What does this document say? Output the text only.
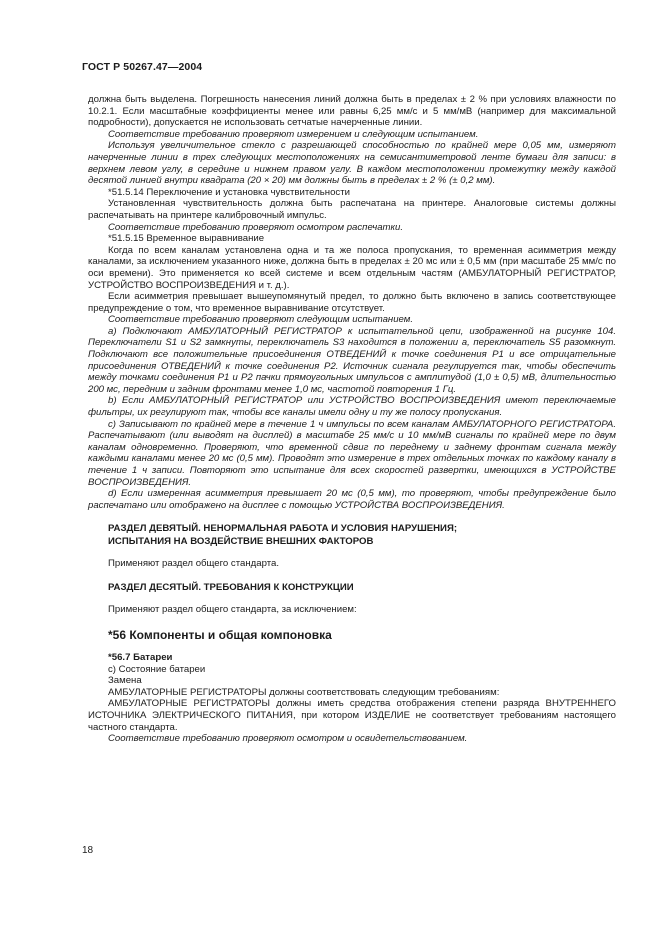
ГОСТ Р 50267.47—2004

должна быть выделена. Погрешность нанесения линий должна быть в пределах ± 2 % при условиях влажности по 10.2.1. Если масштабные коэффициенты менее или равны 6,25 мм/с и 5 мм/мВ (например для максимальной подробности), допускается не использовать сетчатые начерченные линии.

Соответствие требованию проверяют измерением и следующим испытанием.

Используя увеличительное стекло с разрешающей способностью по крайней мере 0,05 мм, измеряют начерченные линии в трех следующих местоположениях на семисантиметровой ленте бумаги для записи: в верхнем левом углу, в середине и нижнем правом углу. В каждом местоположении промежутку между каждой десятой линией внутри квадрата (20 × 20) мм должны быть в пределах ± 2 % (± 0,2 мм).

*51.5.14 Переключение и установка чувствительности

Установленная чувствительность должна быть распечатана на принтере. Аналоговые системы должны распечатывать на принтере калибровочный импульс.

Соответствие требованию проверяют осмотром распечатки.

*51.5.15 Временное выравнивание

Когда по всем каналам установлена одна и та же полоса пропускания, то временная асимметрия между каналами, за исключением указанного ниже, должна быть в пределах ± 20 мс или ± 0,5 мм (при масштабе 25 мм/с по оси времени). Это применяется ко всей системе и всем отдельным частям (АМБУЛАТОРНЫЙ РЕГИСТРАТОР, УСТРОЙСТВО ВОСПРОИЗВЕДЕНИЯ и т. д.).

Если асимметрия превышает вышеупомянутый предел, то должно быть включено в запись соответствующее предупреждение о том, что временное выравнивание отсутствует.

Соответствие требованию проверяют следующим испытанием.

а) Подключают АМБУЛАТОРНЫЙ РЕГИСТРАТОР к испытательной цепи, изображенной на рисунке 104. Переключатели S1 и S2 замкнуты, переключатель S3 находится в положении а, переключатель S5 разомкнут. Подключают все положительные присоединения ОТВЕДЕНИЙ к точке соединения Р1 и все отрицательные присоединения ОТВЕДЕНИЙ к точке соединения Р2. Источник сигнала регулируется так, чтобы обеспечить между точками соединения Р1 и Р2 пачки прямоугольных импульсов с амплитудой (1,0 ± 0,5) мВ, длительностью 200 мс, передним и задним фронтами менее 1,0 мс, частотой повторения 1 Гц.

b) Если АМБУЛАТОРНЫЙ РЕГИСТРАТОР или УСТРОЙСТВО ВОСПРОИЗВЕДЕНИЯ имеют переключаемые фильтры, их регулируют так, чтобы все каналы имели одну и ту же полосу пропускания.

с) Записывают по крайней мере в течение 1 ч импульсы по всем каналам АМБУЛАТОРНОГО РЕГИСТРАТОРА. Распечатывают (или выводят на дисплей) в масштабе 25 мм/с и 10 мм/мВ сигналы по крайней мере по двум каналам одновременно. Проверяют, что временной сдвиг по переднему и заднему фронтам сигнала между каждыми каналами менее 20 мс (0,5 мм). Проводят это измерение в трех отдельных точках по каждому каналу в течение 1 ч записи. Повторяют это испытание для всех скоростей развертки, имеющихся в УСТРОЙСТВЕ ВОСПРОИЗВЕДЕНИЯ.

d) Если измеренная асимметрия превышает 20 мс (0,5 мм), то проверяют, чтобы предупреждение было распечатано или отображено на дисплее с помощью УСТРОЙСТВА ВОСПРОИЗВЕДЕНИЯ.

РАЗДЕЛ ДЕВЯТЫЙ. НЕНОРМАЛЬНАЯ РАБОТА И УСЛОВИЯ НАРУШЕНИЯ;

ИСПЫТАНИЯ НА ВОЗДЕЙСТВИЕ ВНЕШНИХ ФАКТОРОВ

Применяют раздел общего стандарта.

РАЗДЕЛ ДЕСЯТЫЙ. ТРЕБОВАНИЯ К КОНСТРУКЦИИ

Применяют раздел общего стандарта, за исключением:

*56 Компоненты и общая компоновка

*56.7 Батареи

с) Состояние батареи

Замена

АМБУЛАТОРНЫЕ РЕГИСТРАТОРЫ должны соответствовать следующим требованиям:

АМБУЛАТОРНЫЕ РЕГИСТРАТОРЫ должны иметь средства отображения степени разряда ВНУТРЕННЕГО ИСТОЧНИКА ЭЛЕКТРИЧЕСКОГО ПИТАНИЯ, при котором ИЗДЕЛИЕ не соответствует требованиям настоящего частного стандарта.

Соответствие требованию проверяют осмотром и освидетельствованием.

18
